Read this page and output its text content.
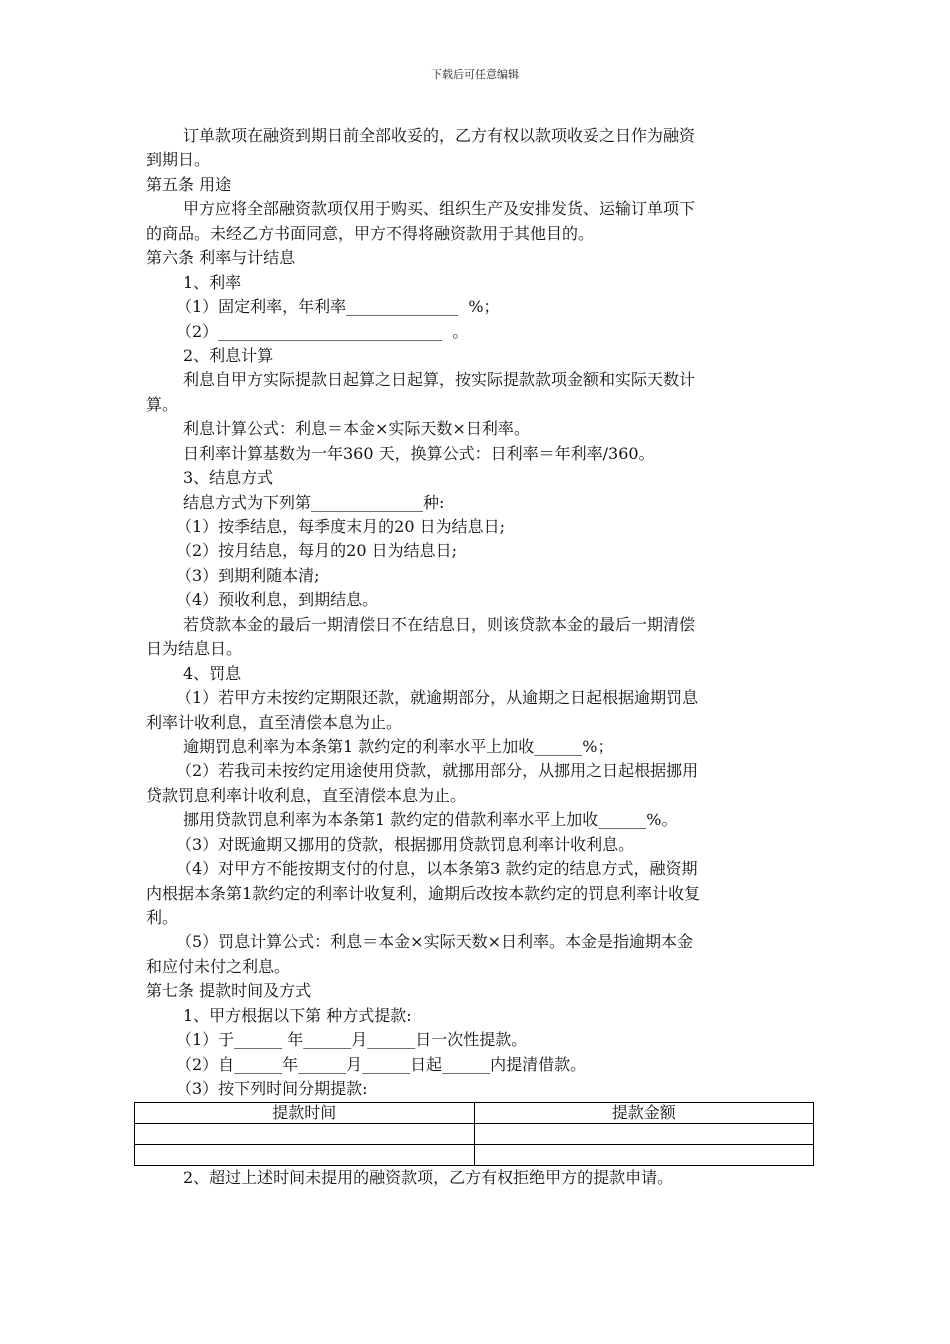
下载后可任意编辑
订单款项在融资到期日前全部收妥的，乙方有权以款项收妥之日作为融资
到期日。
第五条 用途
甲方应将全部融资款项仅用于购买、组织生产及安排发货、运输订单项下
的商品。未经乙方书面同意，甲方不得将融资款用于其他目的。
第六条 利率与计结息
1、利率
（1）固定利率，年利率______________  %；
（2）____________________________  。
2、利息计算
利息自甲方实际提款日起算之日起算，按实际提款款项金额和实际天数计
算。
利息计算公式：利息＝本金×实际天数×日利率。
日利率计算基数为一年360 天，换算公式：日利率＝年利率/360。
3、结息方式
结息方式为下列第______________种:
（1）按季结息，每季度末月的20 日为结息日;
（2）按月结息，每月的20 日为结息日;
（3）到期利随本清;
（4）预收利息，到期结息。
若贷款本金的最后一期清偿日不在结息日，则该贷款本金的最后一期清偿
日为结息日。
4、罚息
（1）若甲方未按约定期限还款，就逾期部分，从逾期之日起根据逾期罚息
利率计收利息，直至清偿本息为止。
逾期罚息利率为本条第1 款约定的利率水平上加收______%；
（2）若我司未按约定用途使用贷款，就挪用部分，从挪用之日起根据挪用
贷款罚息利率计收利息，直至清偿本息为止。
挪用贷款罚息利率为本条第1 款约定的借款利率水平上加收______%。
（3）对既逾期又挪用的贷款，根据挪用贷款罚息利率计收利息。
（4）对甲方不能按期支付的付息，以本条第3 款约定的结息方式，融资期
内根据本条第1款约定的利率计收复利，逾期后改按本款约定的罚息利率计收复
利。
（5）罚息计算公式：利息＝本金×实际天数×日利率。本金是指逾期本金
和应付未付之利息。
第七条 提款时间及方式
1、甲方根据以下第 种方式提款:
（1）于______ 年______月______日一次性提款。
（2）自______年______月______日起______内提清借款。
（3）按下列时间分期提款:
提款时间	提款金额

2、超过上述时间未提用的融资款项，乙方有权拒绝甲方的提款申请。
